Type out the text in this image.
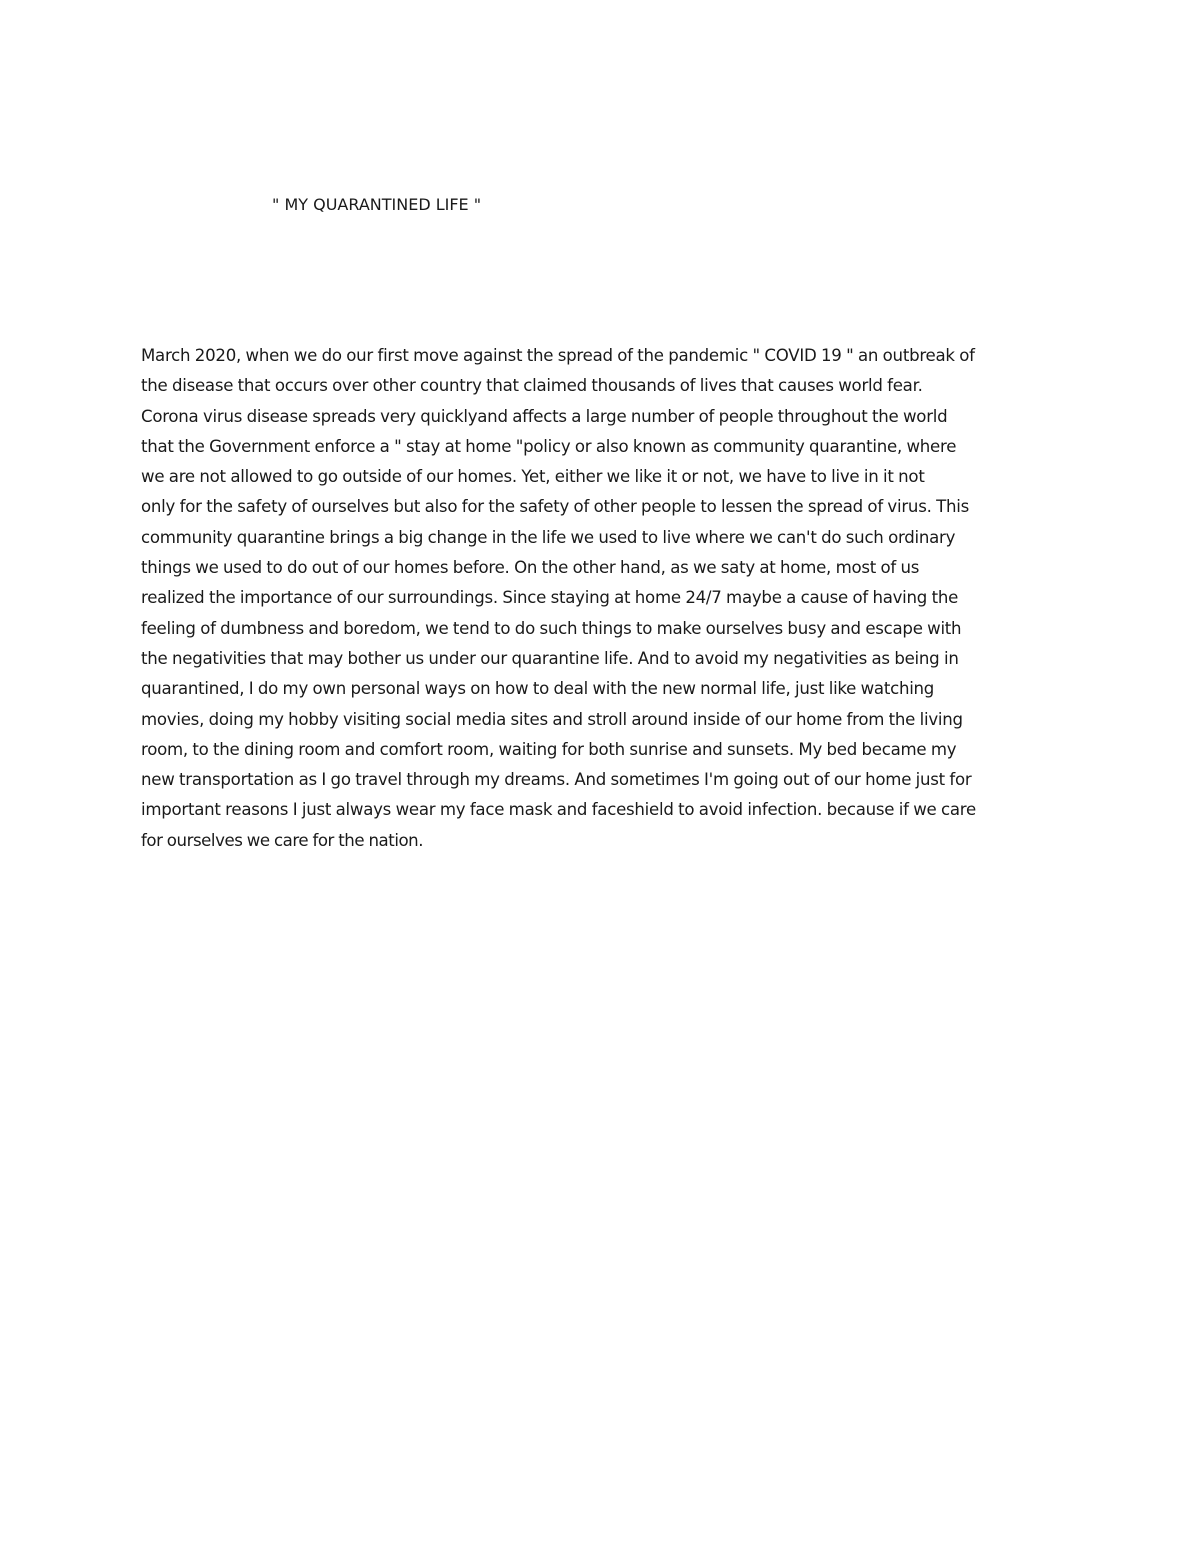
" MY QUARANTINED LIFE "
March 2020, when we do our first move against the spread of the pandemic " COVID 19 " an outbreak of
the disease that occurs over other country that claimed thousands of lives that causes world fear.
Corona virus disease spreads very quicklyand affects a large number of people throughout the world
that the Government enforce a " stay at home "policy or also known as community quarantine, where
we are not allowed to go outside of our homes. Yet, either we like it or not, we have to live in it not
only for the safety of ourselves but also for the safety of other people to lessen the spread of virus. This
community quarantine brings a big change in the life we used to live where we can't do such ordinary
things we used to do out of our homes before. On the other hand, as we saty at home, most of us
realized the importance of our surroundings. Since staying at home 24/7 maybe a cause of having the
feeling of dumbness and boredom, we tend to do such things to make ourselves busy and escape with
the negativities that may bother us under our quarantine life. And to avoid my negativities as being in
quarantined, I do my own personal ways on how to deal with the new normal life, just like watching
movies, doing my hobby visiting social media sites and stroll around inside of our home from the living
room, to the dining room and comfort room, waiting for both sunrise and sunsets. My bed became my
new transportation as I go travel through my dreams. And sometimes I'm going out of our home just for
important reasons I just always wear my face mask and faceshield to avoid infection. because if we care
for ourselves we care for the nation.
